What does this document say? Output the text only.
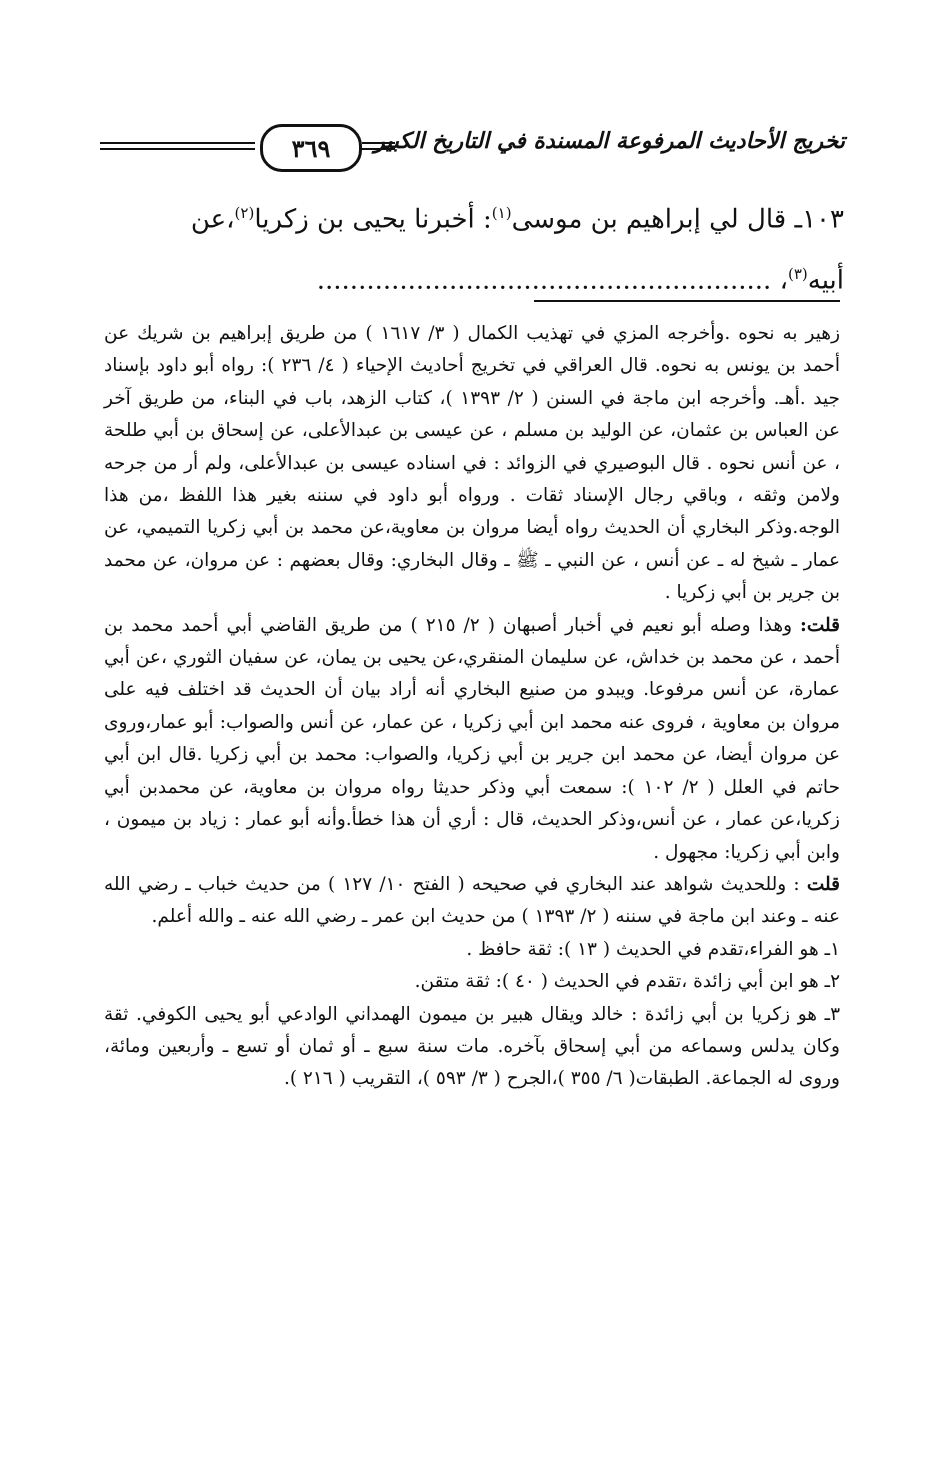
تخريج الأحاديث المرفوعة المسندة في التاريخ الكبير
٣٦٩
١٠٣ـ قال لي إبراهيم بن موسى$^{(١)}$: أخبرنا يحيى بن زكريا$^{(٢)}$،عن
أبيه$^{(٣)}$، .......................................................

زهير به نحوه .وأخرجه المزي في تهذيب الكمال ( ٣/ ١٦١٧ ) من طريق إبراهيم بن شريك عن أحمد بن يونس به نحوه. قال العراقي في تخريج أحاديث الإحياء ( ٤/ ٢٣٦ ): رواه أبو داود بإسناد جيد .أهـ. وأخرجه ابن ماجة في السنن ( ٢/ ١٣٩٣ )، كتاب الزهد، باب في البناء، من طريق آخر عن العباس بن عثمان، عن الوليد بن مسلم ، عن عيسى بن عبدالأعلى، عن إسحاق بن أبي طلحة ، عن أنس نحوه . قال البوصيري في الزوائد : في اسناده عيسى بن عبدالأعلى، ولم أر من جرحه ولامن وثقه ، وباقي رجال الإسناد ثقات . ورواه أبو داود في سننه بغير هذا اللفظ ،من هذا الوجه.وذكر البخاري أن الحديث رواه أيضا مروان بن معاوية،عن محمد بن أبي زكريا التميمي، عن عمار ـ شيخ له ـ عن أنس ، عن النبي ـ ﷺ ـ وقال البخاري: وقال بعضهم : عن مروان، عن محمد بن جرير بن أبي زكريا .

قلت: وهذا وصله أبو نعيم في أخبار أصبهان ( ٢/ ٢١٥ ) من طريق القاضي أبي أحمد محمد بن أحمد ، عن محمد بن خداش، عن سليمان المنقري،عن يحيى بن يمان، عن سفيان الثوري ،عن أبي عمارة، عن أنس مرفوعا. ويبدو من صنيع البخاري أنه أراد بيان أن الحديث قد اختلف فيه على مروان بن معاوية ، فروى عنه محمد ابن أبي زكريا ، عن عمار، عن أنس والصواب: أبو عمار،وروى عن مروان أيضا، عن محمد ابن جرير بن أبي زكريا، والصواب: محمد بن أبي زكريا .قال ابن أبي حاتم في العلل ( ٢/ ١٠٢ ): سمعت أبي وذكر حديثا رواه مروان بن معاوية، عن محمدبن أبي زكريا،عن عمار ، عن أنس،وذكر الحديث، قال : أري أن هذا خطأ.وأنه أبو عمار : زياد بن ميمون ، وابن أبي زكريا: مجهول .

قلت : وللحديث شواهد عند البخاري في صحيحه ( الفتح ١٠/ ١٢٧ ) من حديث خباب ـ رضي الله عنه ـ وعند ابن ماجة في سننه ( ٢/ ١٣٩٣ ) من حديث ابن عمر ـ رضي الله عنه ـ والله أعلم.

١ـ هو الفراء،تقدم في الحديث ( ١٣ ): ثقة حافظ .

٢ـ هو ابن أبي زائدة ،تقدم في الحديث ( ٤٠ ): ثقة متقن.

٣ـ هو زكريا بن أبي زائدة : خالد ويقال هبير بن ميمون الهمداني الوادعي أبو يحيى الكوفي. ثقة وكان يدلس وسماعه من أبي إسحاق بآخره. مات سنة سبع ـ أو ثمان أو تسع ـ وأربعين ومائة، وروى له الجماعة. الطبقات( ٦/ ٣٥٥ )،الجرح ( ٣/ ٥٩٣ )، التقريب ( ٢١٦ ).
